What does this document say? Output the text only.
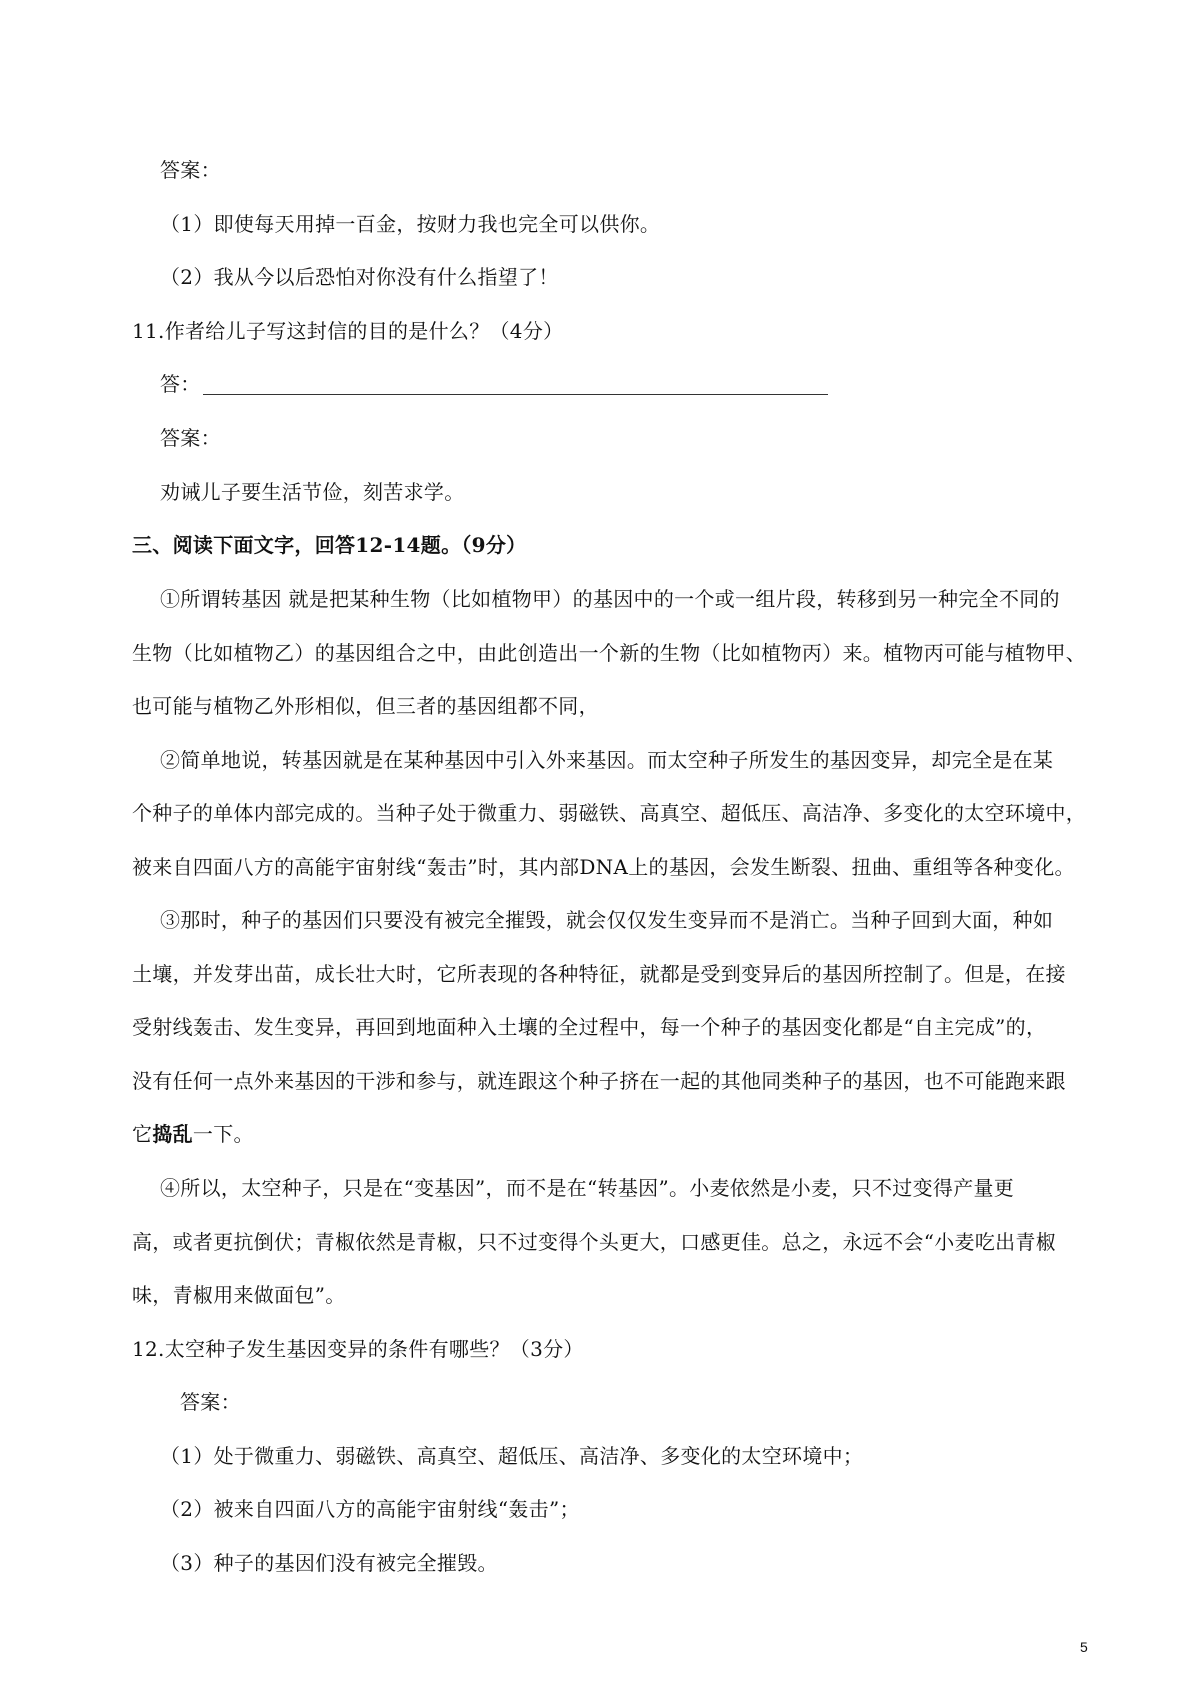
答案：
（1）即使每天用掉一百金，按财力我也完全可以供你。
（2）我从今以后恐怕对你没有什么指望了！
11.作者给儿子写这封信的目的是什么？（4分）
答：
答案：
劝诫儿子要生活节俭，刻苦求学。
三、阅读下面文字，回答12-14题。（9分）
①所谓转基因 就是把某种生物（比如植物甲）的基因中的一个或一组片段，转移到另一种完全不同的
生物（比如植物乙）的基因组合之中，由此创造出一个新的生物（比如植物丙）来。植物丙可能与植物甲、
也可能与植物乙外形相似，但三者的基因组都不同，
②简单地说，转基因就是在某种基因中引入外来基因。而太空种子所发生的基因变异，却完全是在某
个种子的单体内部完成的。当种子处于微重力、弱磁铁、高真空、超低压、高洁净、多变化的太空环境中，
被来自四面八方的高能宇宙射线“轰击”时，其内部DNA上的基因，会发生断裂、扭曲、重组等各种变化。
③那时，种子的基因们只要没有被完全摧毁，就会仅仅发生变异而不是消亡。当种子回到大面，种如
土壤，并发芽出苗，成长壮大时，它所表现的各种特征，就都是受到变异后的基因所控制了。但是，在接
受射线轰击、发生变异，再回到地面种入土壤的全过程中，每一个种子的基因变化都是“自主完成”的，
没有任何一点外来基因的干涉和参与，就连跟这个种子挤在一起的其他同类种子的基因，也不可能跑来跟
它捣乱一下。
④所以，太空种子，只是在“变基因”，而不是在“转基因”。小麦依然是小麦，只不过变得产量更
高，或者更抗倒伏；青椒依然是青椒，只不过变得个头更大，口感更佳。总之，永远不会“小麦吃出青椒
味，青椒用来做面包”。
12.太空种子发生基因变异的条件有哪些？（3分）
答案：
（1）处于微重力、弱磁铁、高真空、超低压、高洁净、多变化的太空环境中；
（2）被来自四面八方的高能宇宙射线“轰击”；
（3）种子的基因们没有被完全摧毁。
5
